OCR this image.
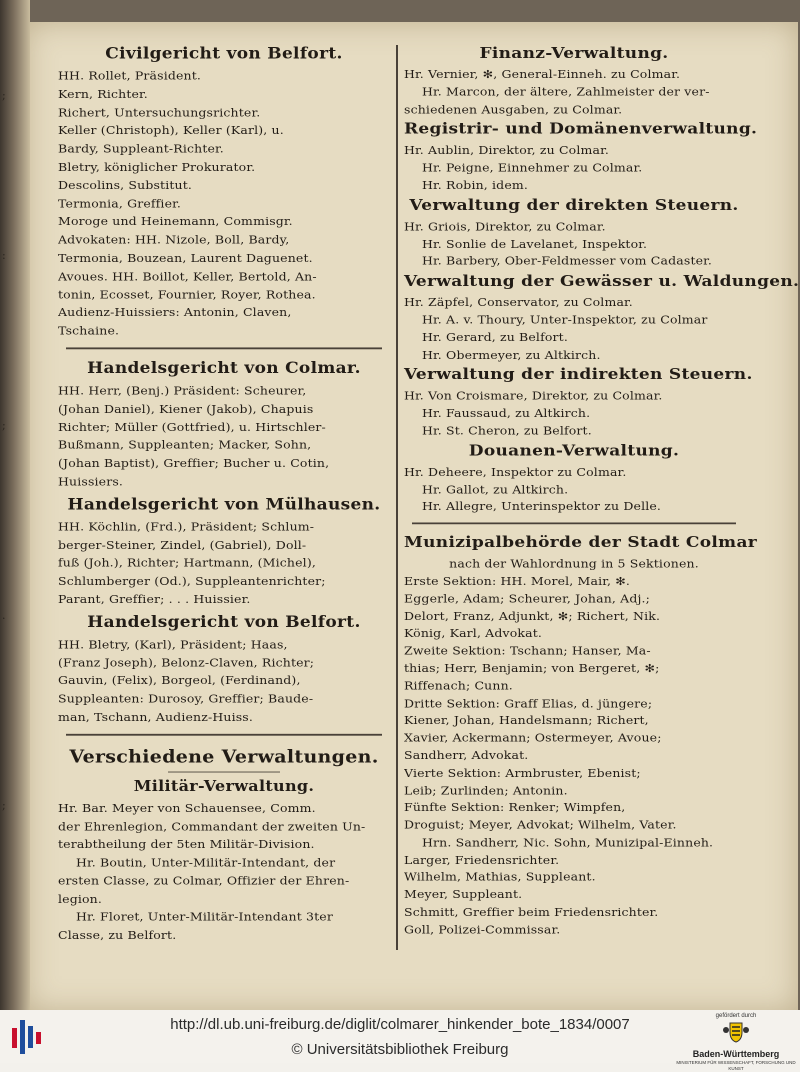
;
:
;
.
;
Civilgericht von Belfort.
HH. Rollet, Präsident.
Kern, Richter.
Richert, Untersuchungsrichter.
Keller (Christoph), Keller (Karl), u.
Bardy, Suppleant-Richter.
Bletry, königlicher Prokurator.
Descolins, Substitut.
Termonia, Greffier.
Moroge und Heinemann, Commisgr.
Advokaten: HH. Nizole, Boll, Bardy,
Termonia, Bouzean, Laurent Daguenet.
Avoues. HH. Boillot, Keller, Bertold, An-
tonin, Ecosset, Fournier, Royer, Rothea.
Audienz-Huissiers: Antonin, Claven,
Tschaine.
Handelsgericht von Colmar.
HH. Herr, (Benj.) Präsident: Scheurer,
(Johan Daniel), Kiener (Jakob), Chapuis
Richter; Müller (Gottfried), u. Hirtschler-
Bußmann, Suppleanten; Macker, Sohn,
(Johan Baptist), Greffier; Bucher u. Cotin,
Huissiers.
Handelsgericht von Mülhausen.
HH. Köchlin, (Frd.), Präsident; Schlum-
berger-Steiner, Zindel, (Gabriel), Doll-
fuß (Joh.), Richter; Hartmann, (Michel),
Schlumberger (Od.), Suppleantenrichter;
Parant, Greffier; . . . Huissier.
Handelsgericht von Belfort.
HH. Bletry, (Karl), Präsident; Haas,
(Franz Joseph), Belonz-Claven, Richter;
Gauvin, (Felix), Borgeol, (Ferdinand),
Suppleanten: Durosoy, Greffier; Baude-
man, Tschann, Audienz-Huiss.
Verschiedene Verwaltungen.
Militär-Verwaltung.
Hr. Bar. Meyer von Schauensee, Comm.
der Ehrenlegion, Commandant der zweiten Un-
terabtheilung der 5ten Militär-Division.
Hr. Boutin, Unter-Militär-Intendant, der
ersten Classe, zu Colmar, Offizier der Ehren-
legion.
Hr. Floret, Unter-Militär-Intendant 3ter
Classe, zu Belfort.
Finanz-Verwaltung.
Hr. Vernier, ✻, General-Einneh. zu Colmar.
Hr. Marcon, der ältere, Zahlmeister der ver-
schiedenen Ausgaben, zu Colmar.
Registrir- und Domänenverwaltung.
Hr. Aublin, Direktor, zu Colmar.
Hr. Peigne, Einnehmer zu Colmar.
Hr. Robin, idem.
Verwaltung der direkten Steuern.
Hr. Griois, Direktor, zu Colmar.
Hr. Sonlie de Lavelanet, Inspektor.
Hr. Barbery, Ober-Feldmesser vom Cadaster.
Verwaltung der Gewässer u. Waldungen.
Hr. Zäpfel, Conservator, zu Colmar.
Hr. A. v. Thoury, Unter-Inspektor, zu Colmar
Hr. Gerard, zu Belfort.
Hr. Obermeyer, zu Altkirch.
Verwaltung der indirekten Steuern.
Hr. Von Croismare, Direktor, zu Colmar.
Hr. Faussaud, zu Altkirch.
Hr. St. Cheron, zu Belfort.
Douanen-Verwaltung.
Hr. Deheere, Inspektor zu Colmar.
Hr. Gallot, zu Altkirch.
Hr. Allegre, Unterinspektor zu Delle.
Munizipalbehörde der Stadt Colmar
nach der Wahlordnung in 5 Sektionen.
Erste Sektion: HH. Morel, Mair, ✻.
Eggerle, Adam; Scheurer, Johan, Adj.;
Delort, Franz, Adjunkt, ✻; Richert, Nik.
König, Karl, Advokat.
Zweite Sektion: Tschann; Hanser, Ma-
thias; Herr, Benjamin; von Bergeret, ✻;
Riffenach; Cunn.
Dritte Sektion: Graff Elias, d. jüngere;
Kiener, Johan, Handelsmann; Richert,
Xavier, Ackermann; Ostermeyer, Avoue;
Sandherr, Advokat.
Vierte Sektion: Armbruster, Ebenist;
Leib; Zurlinden; Antonin.
Fünfte Sektion: Renker; Wimpfen,
Droguist; Meyer, Advokat; Wilhelm, Vater.
Hrn. Sandherr, Nic. Sohn, Munizipal-Einneh.
Larger, Friedensrichter.
Wilhelm, Mathias, Suppleant.
Meyer, Suppleant.
Schmitt, Greffier beim Friedensrichter.
Goll, Polizei-Commissar.
http://dl.ub.uni-freiburg.de/diglit/colmarer_hinkender_bote_1834/0007
© Universitätsbibliothek Freiburg
gefördert durch
Baden-Württemberg
MINISTERIUM FÜR WISSENSCHAFT, FORSCHUNG UND KUNST
